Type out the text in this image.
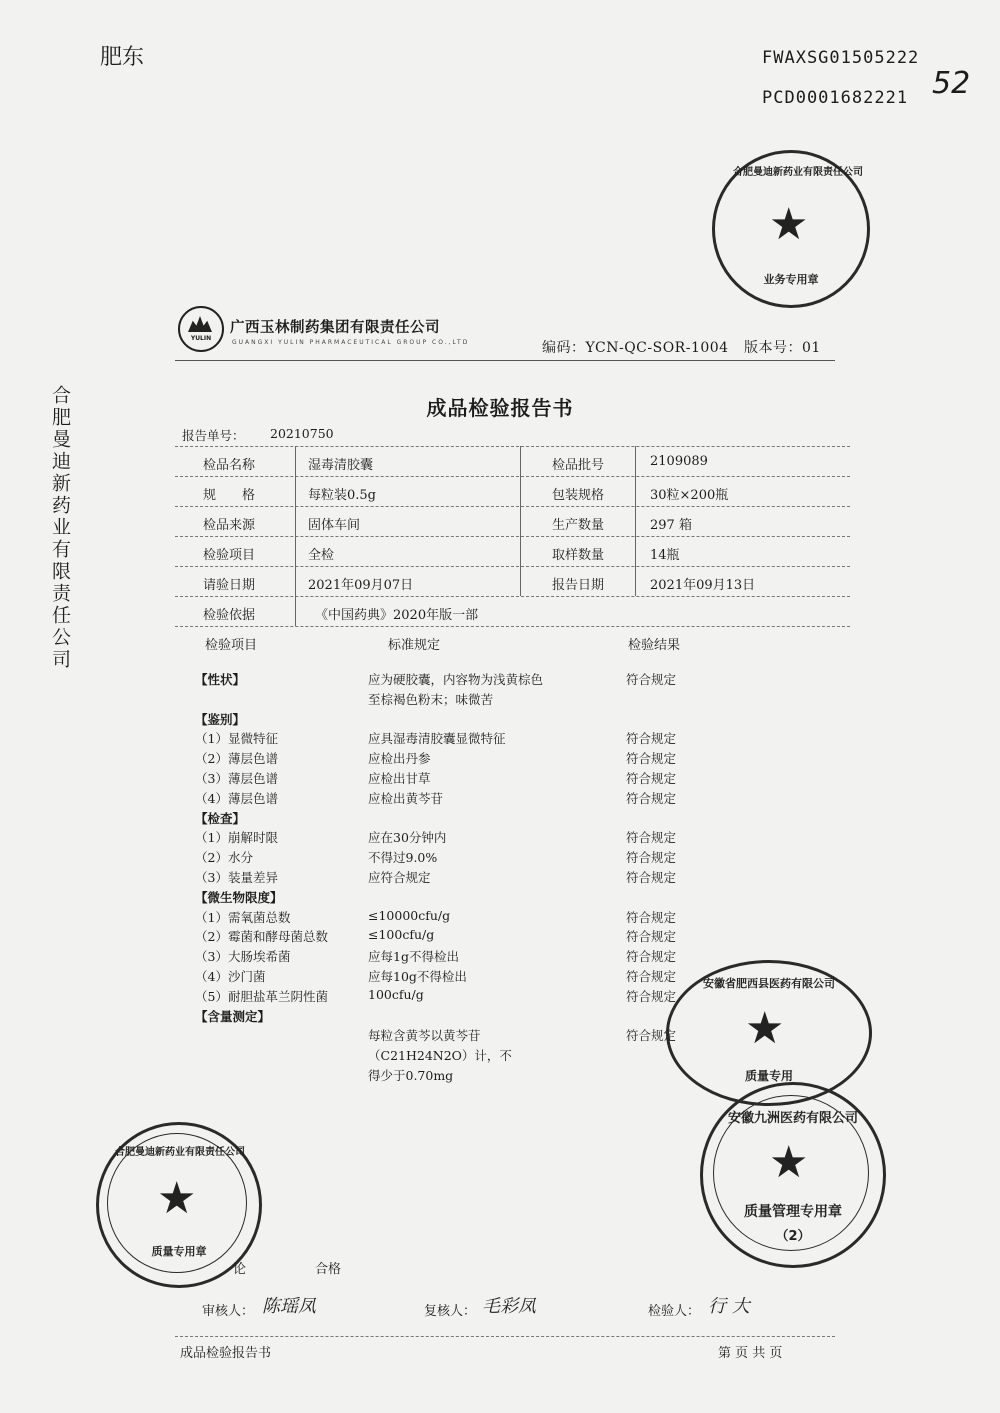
肥东	FWAXSG01505222
PCD0001682221 52
合肥曼迪新药业有限责任公司
★
合肥曼迪新药业有限责任公司
业务专用章
YULIN
广西玉林制药集团有限责任公司
GUANGXI YULIN PHARMACEUTICAL GROUP CO.,LTD	编码：YCN-QC-SOR-1004 版本号：01
成品检验报告书
报告单号： 20210750
检品名称	湿毒清胶囊	检品批号	2109089
规　　格	每粒装0.5g	包装规格	30粒×200瓶
检品来源	固体车间	生产数量	297 箱
检验项目	全检	取样数量	14瓶
请验日期	2021年09月07日	报告日期	2021年09月13日
检验依据	《中国药典》2020年版一部
检验项目	标准规定	检验结果
【性状】	应为硬胶囊，内容物为浅黄棕色	符合规定
至棕褐色粉末；味微苦
【鉴别】
（1）显微特征	应具湿毒清胶囊显微特征	符合规定
（2）薄层色谱	应检出丹参	符合规定
（3）薄层色谱	应检出甘草	符合规定
（4）薄层色谱	应检出黄芩苷	符合规定
【检查】
（1）崩解时限	应在30分钟内	符合规定
（2）水分	不得过9.0%	符合规定
（3）装量差异	应符合规定	符合规定
【微生物限度】
（1）需氧菌总数	≤10000cfu/g	符合规定
（2）霉菌和酵母菌总数	≤100cfu/g	符合规定
（3）大肠埃希菌	应每1g不得检出	符合规定
（4）沙门菌	应每10g不得检出	符合规定
（5）耐胆盐革兰阴性菌	100cfu/g	符合规定
【含量测定】
每粒含黄芩以黄芩苷	符合规定
（C21H24N2O）计，不
得少于0.70mg
★
安徽省肥西县医药有限公司
质量专用
★
安徽九洲医药有限公司
质量管理专用章
（2）
★
合肥曼迪新药业有限责任公司
质量专用章
论	合格
审核人： 陈瑶凤	复核人： 毛彩凤	检验人： 行 大
成品检验报告书	第 页 共 页
